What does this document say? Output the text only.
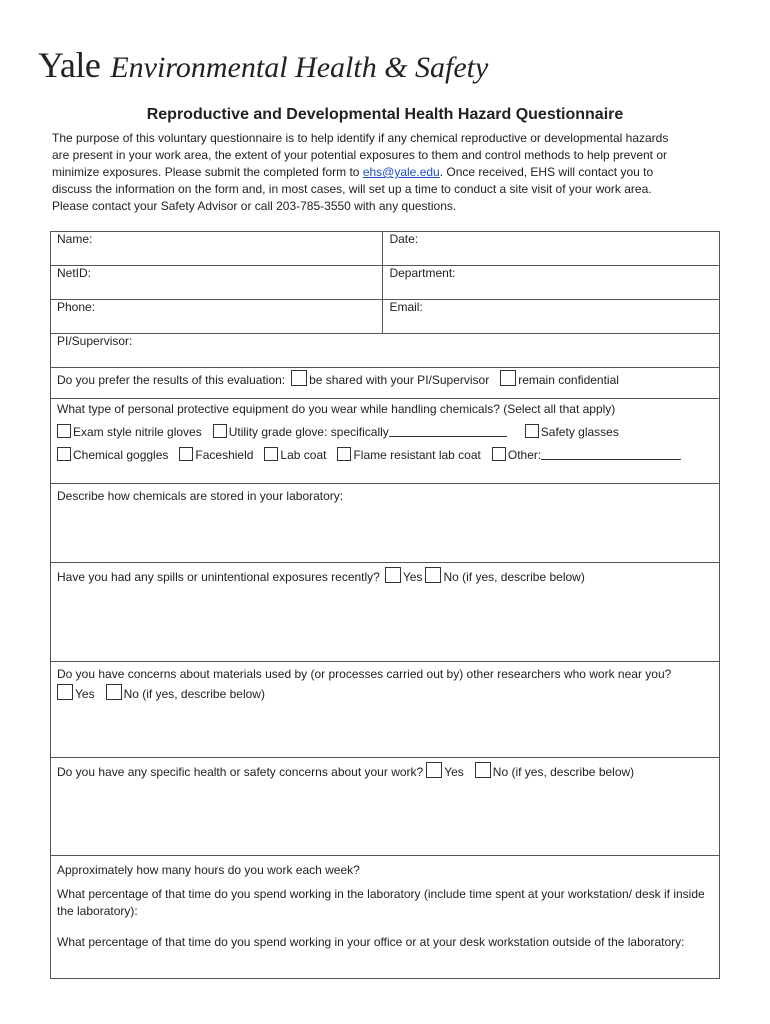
Yale Environmental Health & Safety
Reproductive and Developmental Health Hazard Questionnaire
The purpose of this voluntary questionnaire is to help identify if any chemical reproductive or developmental hazards
are present in your work area, the extent of your potential exposures to them and control methods to help prevent or
minimize exposures. Please submit the completed form to ehs@yale.edu. Once received, EHS will contact you to
discuss the information on the form and, in most cases, will set up a time to conduct a site visit of your work area.
Please contact your Safety Advisor or call 203-785-3550 with any questions.
Name:	Date:
NetID:	Department:
Phone:	Email:
PI/Supervisor:	
Do you prefer the results of this evaluation: be shared with your PI/Supervisor remain confidential	

What type of personal protective equipment do you wear while handling chemicals? (Select all that apply)
Exam style nitrile gloves Utility grade glove: specifically Safety glasses
Chemical goggles Faceshield Lab coat Flame resistant lab coat Other:	

Describe how chemicals are stored in your laboratory:	
Have you had any spills or unintentional exposures recently? Yes No (if yes, describe below)	

Do you have concerns about materials used by (or processes carried out by) other researchers who work near you?
Yes No (if yes, describe below)	

Do you have any specific health or safety concerns about your work? Yes No (if yes, describe below)	

Approximately how many hours do you work each week?
What percentage of that time do you spend working in the laboratory (include time spent at your workstation/ desk if inside the laboratory):
What percentage of that time do you spend working in your office or at your desk workstation outside of the laboratory:	
